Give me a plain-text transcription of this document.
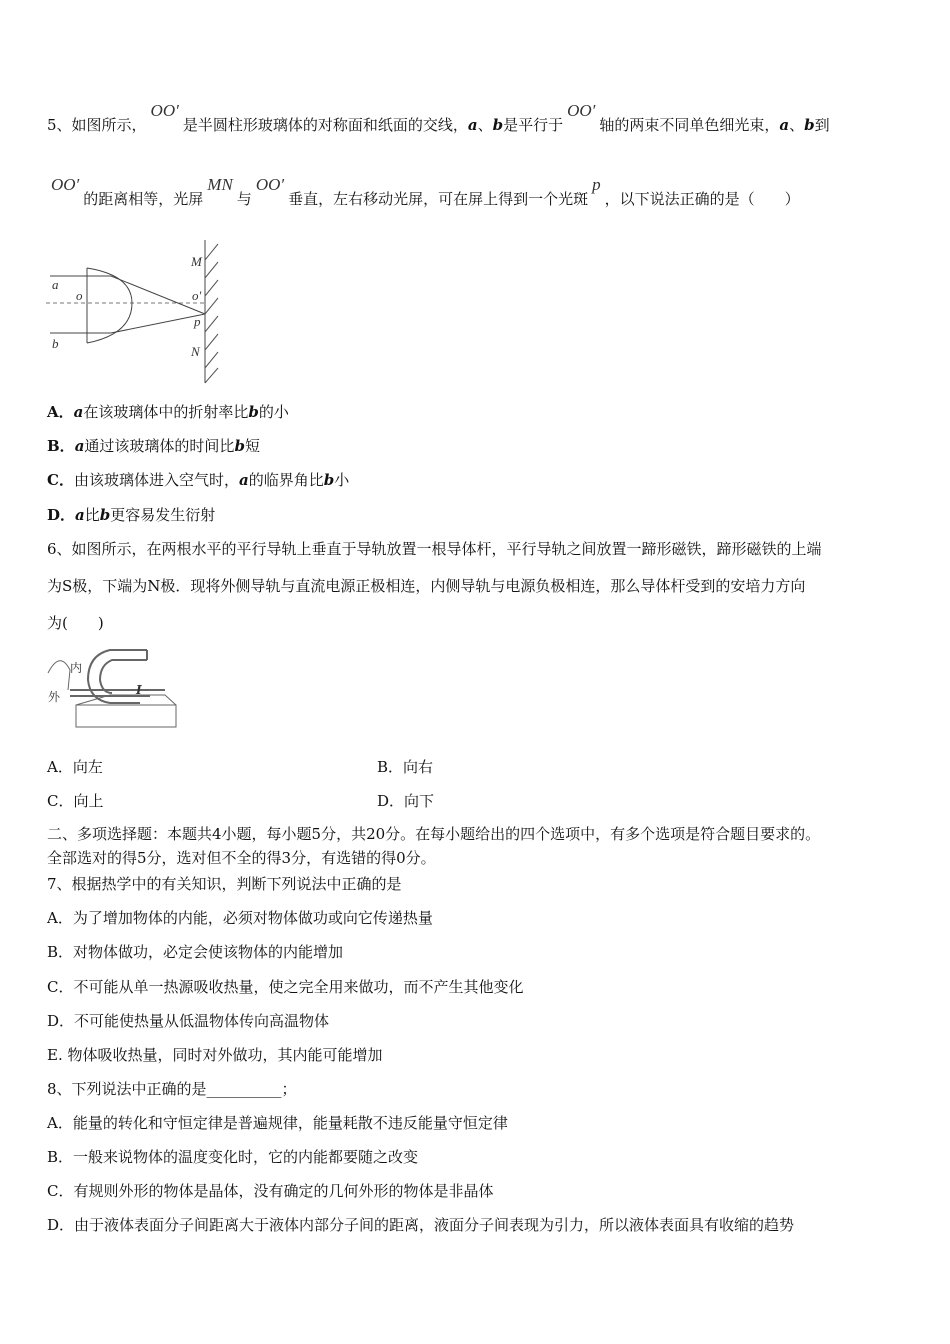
5、如图所示，OO′是半圆柱形玻璃体的对称面和纸面的交线，a、b是平行于OO′轴的两束不同单色细光束，a、b到
OO′的距离相等，光屏MN与OO′垂直，左右移动光屏，可在屏上得到一个光斑p，以下说法正确的是（　　）
a
b
o	o′
M
p
N
A．a在该玻璃体中的折射率比b的小
B．a通过该玻璃体的时间比b短
C．由该玻璃体进入空气时，a的临界角比b小
D．a比b更容易发生衍射
6、如图所示，在两根水平的平行导轨上垂直于导轨放置一根导体杆，平行导轨之间放置一蹄形磁铁，蹄形磁铁的上端
为S极，下端为N极．现将外侧导轨与直流电源正极相连，内侧导轨与电源负极相连，那么导体杆受到的安培力方向
为(　　)
内
外	I
A．向左	B．向右
C．向上	D．向下
二、多项选择题：本题共4小题，每小题5分，共20分。在每小题给出的四个选项中，有多个选项是符合题目要求的。
全部选对的得5分，选对但不全的得3分，有选错的得0分。
7、根据热学中的有关知识，判断下列说法中正确的是
A．为了增加物体的内能，必须对物体做功或向它传递热量
B．对物体做功，必定会使该物体的内能增加
C．不可能从单一热源吸收热量，使之完全用来做功，而不产生其他变化
D．不可能使热量从低温物体传向高温物体
E. 物体吸收热量，同时对外做功，其内能可能增加
8、下列说法中正确的是__________；
A．能量的转化和守恒定律是普遍规律，能量耗散不违反能量守恒定律
B．一般来说物体的温度变化时，它的内能都要随之改变
C．有规则外形的物体是晶体，没有确定的几何外形的物体是非晶体
D．由于液体表面分子间距离大于液体内部分子间的距离，液面分子间表现为引力，所以液体表面具有收缩的趋势
